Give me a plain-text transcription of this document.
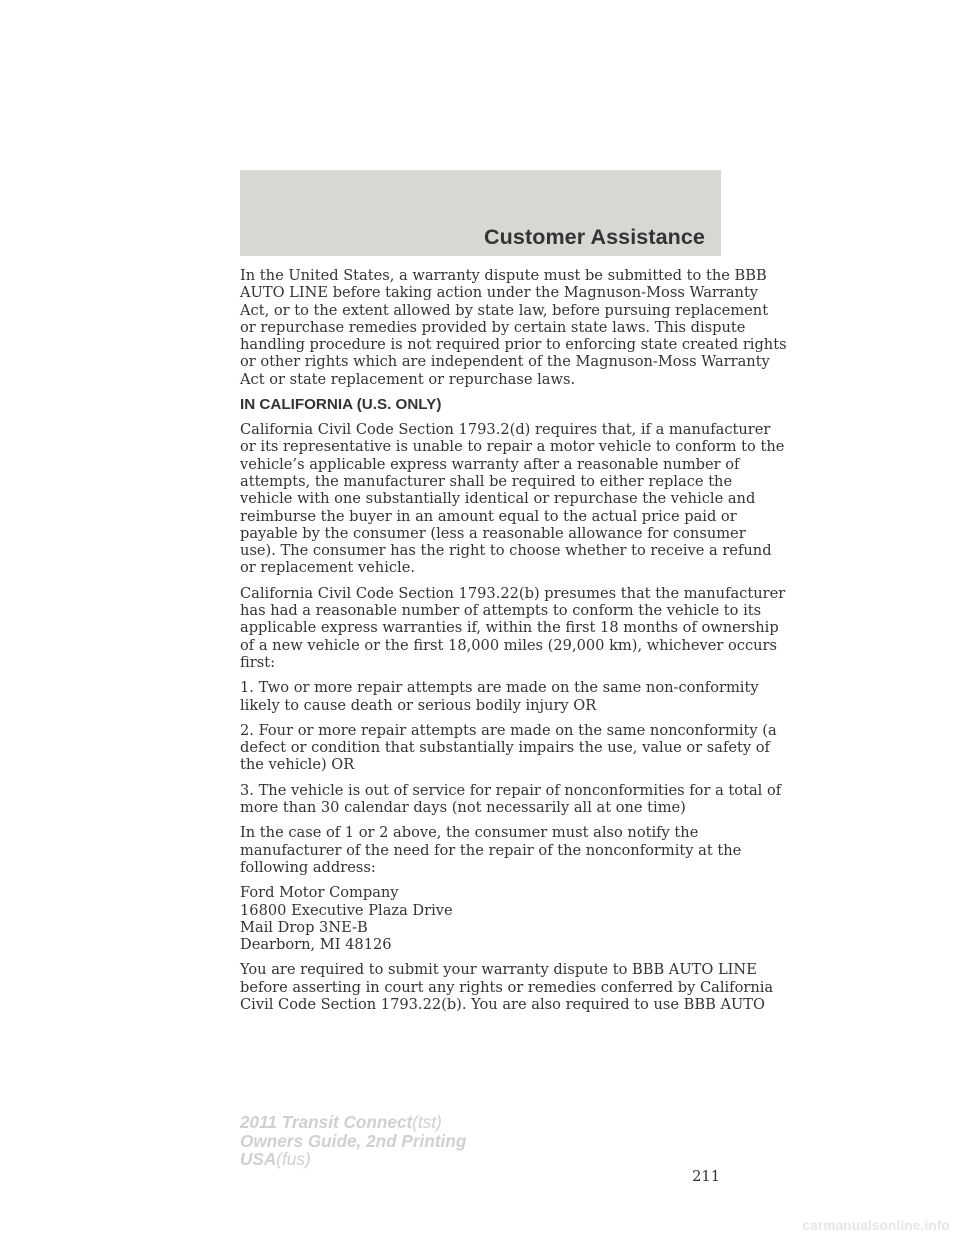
Customer Assistance

In the United States, a warranty dispute must be submitted to the BBB
AUTO LINE before taking action under the Magnuson-Moss Warranty
Act, or to the extent allowed by state law, before pursuing replacement
or repurchase remedies provided by certain state laws. This dispute
handling procedure is not required prior to enforcing state created rights
or other rights which are independent of the Magnuson-Moss Warranty
Act or state replacement or repurchase laws.

IN CALIFORNIA (U.S. ONLY)

California Civil Code Section 1793.2(d) requires that, if a manufacturer
or its representative is unable to repair a motor vehicle to conform to the
vehicle’s applicable express warranty after a reasonable number of
attempts, the manufacturer shall be required to either replace the
vehicle with one substantially identical or repurchase the vehicle and
reimburse the buyer in an amount equal to the actual price paid or
payable by the consumer (less a reasonable allowance for consumer
use). The consumer has the right to choose whether to receive a refund
or replacement vehicle.

California Civil Code Section 1793.22(b) presumes that the manufacturer
has had a reasonable number of attempts to conform the vehicle to its
applicable express warranties if, within the first 18 months of ownership
of a new vehicle or the first 18,000 miles (29,000 km), whichever occurs
first:

1. Two or more repair attempts are made on the same non-conformity
likely to cause death or serious bodily injury OR

2. Four or more repair attempts are made on the same nonconformity (a
defect or condition that substantially impairs the use, value or safety of
the vehicle) OR

3. The vehicle is out of service for repair of nonconformities for a total of
more than 30 calendar days (not necessarily all at one time)

In the case of 1 or 2 above, the consumer must also notify the
manufacturer of the need for the repair of the nonconformity at the
following address:

Ford Motor Company
16800 Executive Plaza Drive
Mail Drop 3NE-B
Dearborn, MI 48126

You are required to submit your warranty dispute to BBB AUTO LINE
before asserting in court any rights or remedies conferred by California
Civil Code Section 1793.22(b). You are also required to use BBB AUTO

211
2011 Transit Connect(tst)
Owners Guide, 2nd Printing
USA(fus)
carmanualsonline.info
